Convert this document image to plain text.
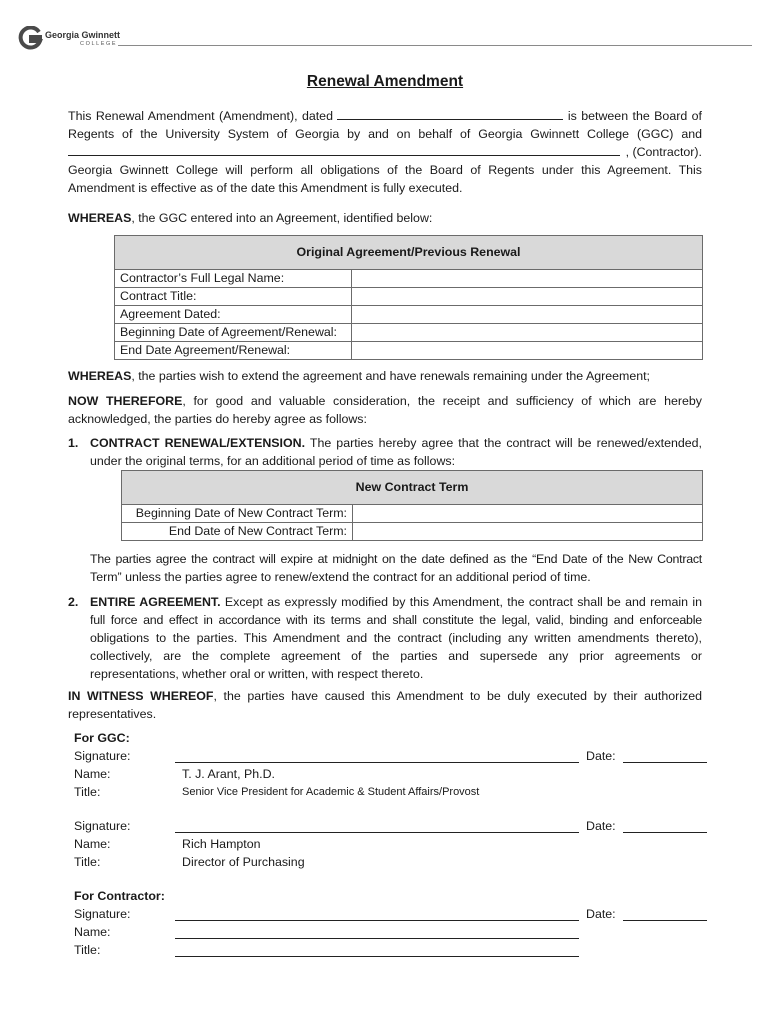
Georgia Gwinnett
COLLEGE
Renewal Amendment
This Renewal Amendment (Amendment), dated	is between the Board of
Regents of the University System of Georgia by and on behalf of Georgia Gwinnett College (GGC) and
, (Contractor).
Georgia Gwinnett College will perform all obligations of the Board of Regents under this Agreement. This
Amendment is effective as of the date this Amendment is fully executed.
WHEREAS, the GGC entered into an Agreement, identified below:
Original Agreement/Previous Renewal	
Contractor’s Full Legal Name:	
Contract Title:	
Agreement Dated:	
Beginning Date of Agreement/Renewal:	
End Date Agreement/Renewal:	
WHEREAS, the parties wish to extend the agreement and have renewals remaining under the Agreement;
NOW THEREFORE, for good and valuable consideration, the receipt and sufficiency of which are hereby
acknowledged, the parties do hereby agree as follows:
1. CONTRACT RENEWAL/EXTENSION. The parties hereby agree that the contract will be renewed/extended,
under the original terms, for an additional period of time as follows:
New Contract Term	
Beginning Date of New Contract Term:	
End Date of New Contract Term:	
The parties agree the contract will expire at midnight on the date defined as the “End Date of the New Contract
Term” unless the parties agree to renew/extend the contract for an additional period of time.
2. ENTIRE AGREEMENT. Except as expressly modified by this Amendment, the contract shall be and remain in
full force and effect in accordance with its terms and shall constitute the legal, valid, binding and enforceable
obligations to the parties. This Amendment and the contract (including any written amendments thereto),
collectively, are the complete agreement of the parties and supersede any prior agreements or
representations, whether oral or written, with respect thereto.
IN WITNESS WHEREOF, the parties have caused this Amendment to be duly executed by their authorized
representatives.
For GGC:
Signature:	Date:
Name:	T. J. Arant, Ph.D.
Title:	Senior Vice President for Academic & Student Affairs/Provost
Signature:	Date:
Name:	Rich Hampton
Title:	Director of Purchasing
For Contractor:
Signature:	Date:
Name:
Title:
